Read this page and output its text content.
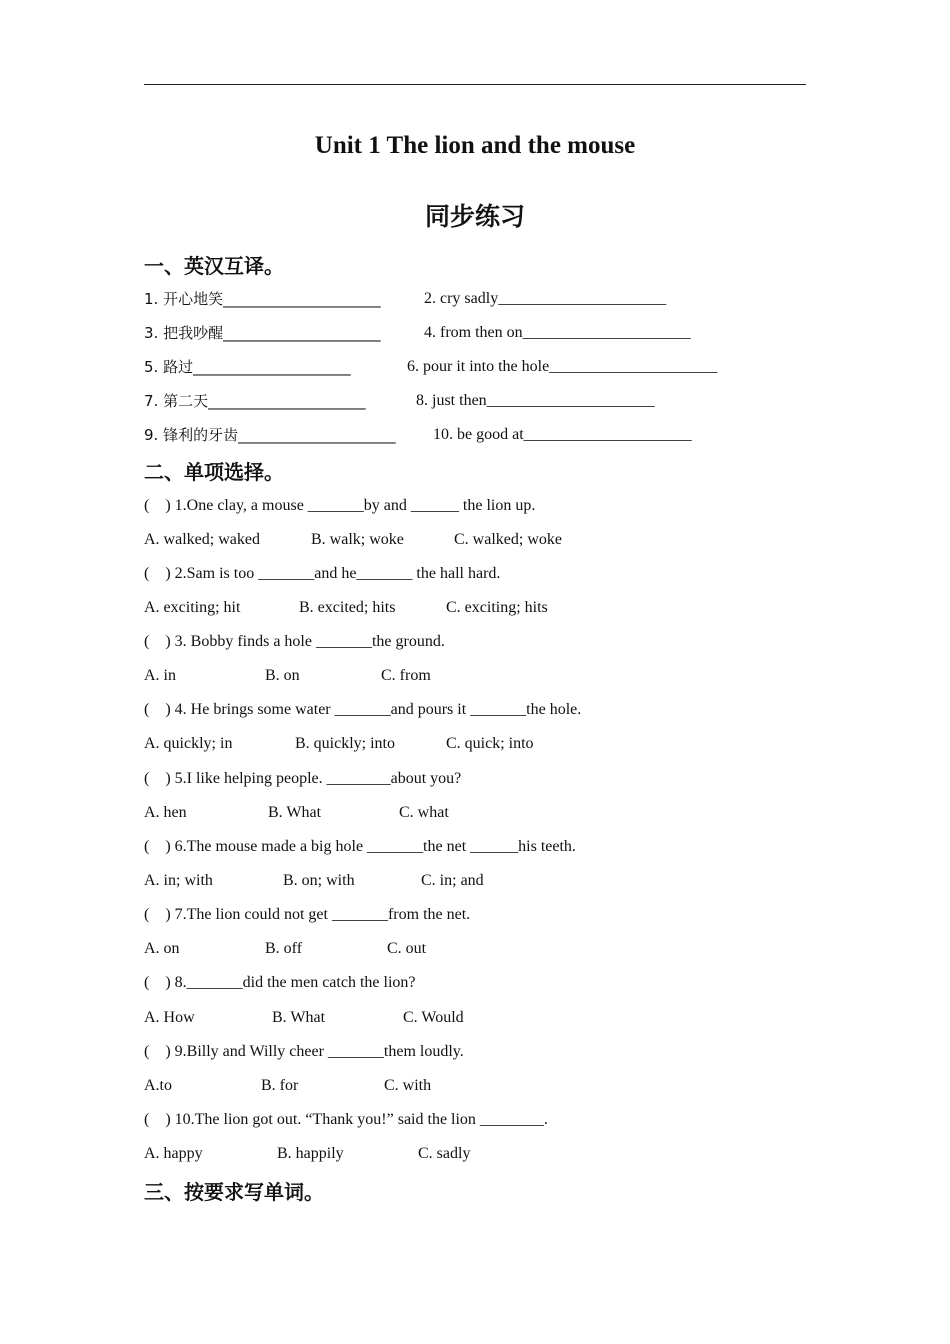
Unit 1 The lion and the mouse
同步练习
一、英汉互译。

1. 开心地笑_____________________

	2. cry sadly_____________________

3. 把我吵醒_____________________

	4. from then on_____________________

5. 路过_____________________

	6. pour it into the hole_____________________

7. 第二天_____________________

	8. just then_____________________

9. 锋利的牙齿_____________________

10. be good at_____________________

二、单项选择。
(    ) 1.One clay, a mouse _______by and ______ the lion up.

A. walked; waked

	B. walk; woke

	C. walked; woke

(    ) 2.Sam is too _______and he_______ the hall hard.

A. exciting; hit

	B. excited; hits

	C. exciting; hits

(    ) 3. Bobby finds a hole _______the ground.

A. in

	B. on

	C. from

(    ) 4. He brings some water _______and pours it _______the hole.

A. quickly; in

	B. quickly; into

	C. quick; into

(    ) 5.I like helping people. ________about you?

A. hen

	B. What

	C. what

(    ) 6.The mouse made a big hole _______the net ______his teeth.

A. in; with

	B. on; with

	C. in; and

(    ) 7.The lion could not get _______from the net.

A. on

	B. off

	C. out

(    ) 8._______did the men catch the lion?

A. How

	B. What

	C. Would

(    ) 9.Billy and Willy cheer _______them loudly.

A.to

	B. for

	C. with

(    ) 10.The lion got out. “Thank you!” said the lion ________.

A. happy

	B. happily

	C. sadly

三、按要求写单词。
